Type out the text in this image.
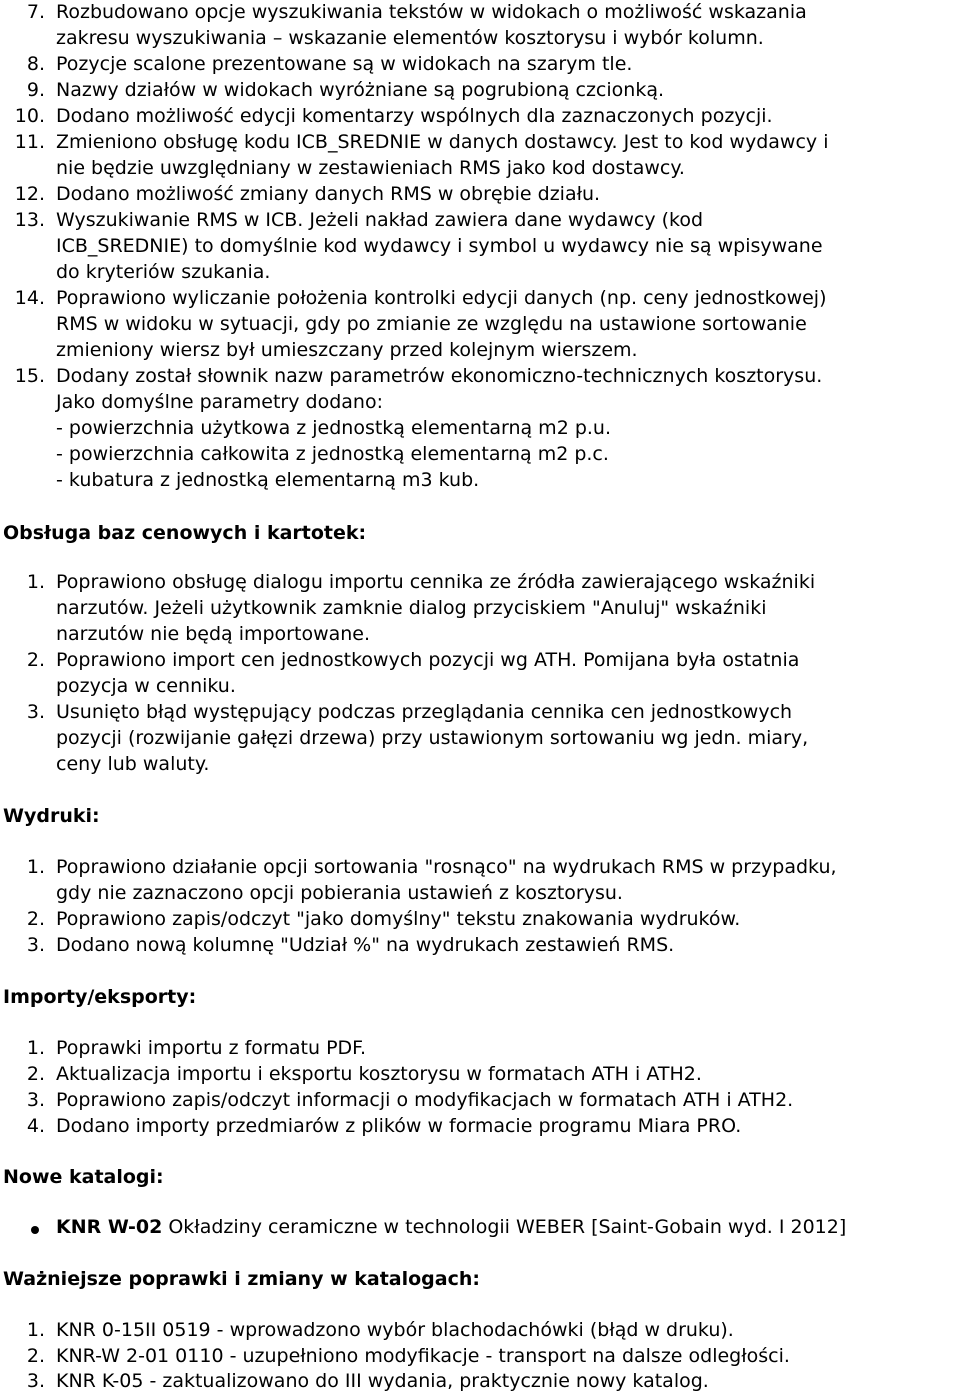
7. Rozbudowano opcje wyszukiwania tekstów w widokach o możliwość wskazania
zakresu wyszukiwania – wskazanie elementów kosztorysu i wybór kolumn.
8. Pozycje scalone prezentowane są w widokach na szarym tle.
9. Nazwy działów w widokach wyróżniane są pogrubioną czcionką.
10. Dodano możliwość edycji komentarzy wspólnych dla zaznaczonych pozycji.
11. Zmieniono obsługę kodu ICB_SREDNIE w danych dostawcy. Jest to kod wydawcy i
nie będzie uwzględniany w zestawieniach RMS jako kod dostawcy.
12. Dodano możliwość zmiany danych RMS w obrębie działu.
13. Wyszukiwanie RMS w ICB. Jeżeli nakład zawiera dane wydawcy (kod
ICB_SREDNIE) to domyślnie kod wydawcy i symbol u wydawcy nie są wpisywane
do kryteriów szukania.
14. Poprawiono wyliczanie położenia kontrolki edycji danych (np. ceny jednostkowej)
RMS w widoku w sytuacji, gdy po zmianie ze względu na ustawione sortowanie
zmieniony wiersz był umieszczany przed kolejnym wierszem.
15. Dodany został słownik nazw parametrów ekonomiczno-technicznych kosztorysu.
Jako domyślne parametry dodano:
- powierzchnia użytkowa z jednostką elementarną m2 p.u.
- powierzchnia całkowita z jednostką elementarną m2 p.c.
- kubatura z jednostką elementarną m3 kub.
Obsługa baz cenowych i kartotek:
1. Poprawiono obsługę dialogu importu cennika ze źródła zawierającego wskaźniki
narzutów. Jeżeli użytkownik zamknie dialog przyciskiem "Anuluj" wskaźniki
narzutów nie będą importowane.
2. Poprawiono import cen jednostkowych pozycji wg ATH. Pomijana była ostatnia
pozycja w cenniku.
3. Usunięto błąd występujący podczas przeglądania cennika cen jednostkowych
pozycji (rozwijanie gałęzi drzewa) przy ustawionym sortowaniu wg jedn. miary,
ceny lub waluty.
Wydruki:
1. Poprawiono działanie opcji sortowania "rosnąco" na wydrukach RMS w przypadku,
gdy nie zaznaczono opcji pobierania ustawień z kosztorysu.
2. Poprawiono zapis/odczyt "jako domyślny" tekstu znakowania wydruków.
3. Dodano nową kolumnę "Udział %" na wydrukach zestawień RMS.
Importy/eksporty:
1. Poprawki importu z formatu PDF.
2. Aktualizacja importu i eksportu kosztorysu w formatach ATH i ATH2.
3. Poprawiono zapis/odczyt informacji o modyfikacjach w formatach ATH i ATH2.
4. Dodano importy przedmiarów z plików w formacie programu Miara PRO.
Nowe katalogi:
KNR W-02 Okładziny ceramiczne w technologii WEBER [Saint-Gobain wyd. I 2012]
Ważniejsze poprawki i zmiany w katalogach:
1. KNR 0-15II 0519 - wprowadzono wybór blachodachówki (błąd w druku).
2. KNR-W 2-01 0110 - uzupełniono modyfikacje - transport na dalsze odległości.
3. KNR K-05 - zaktualizowano do III wydania, praktycznie nowy katalog.
